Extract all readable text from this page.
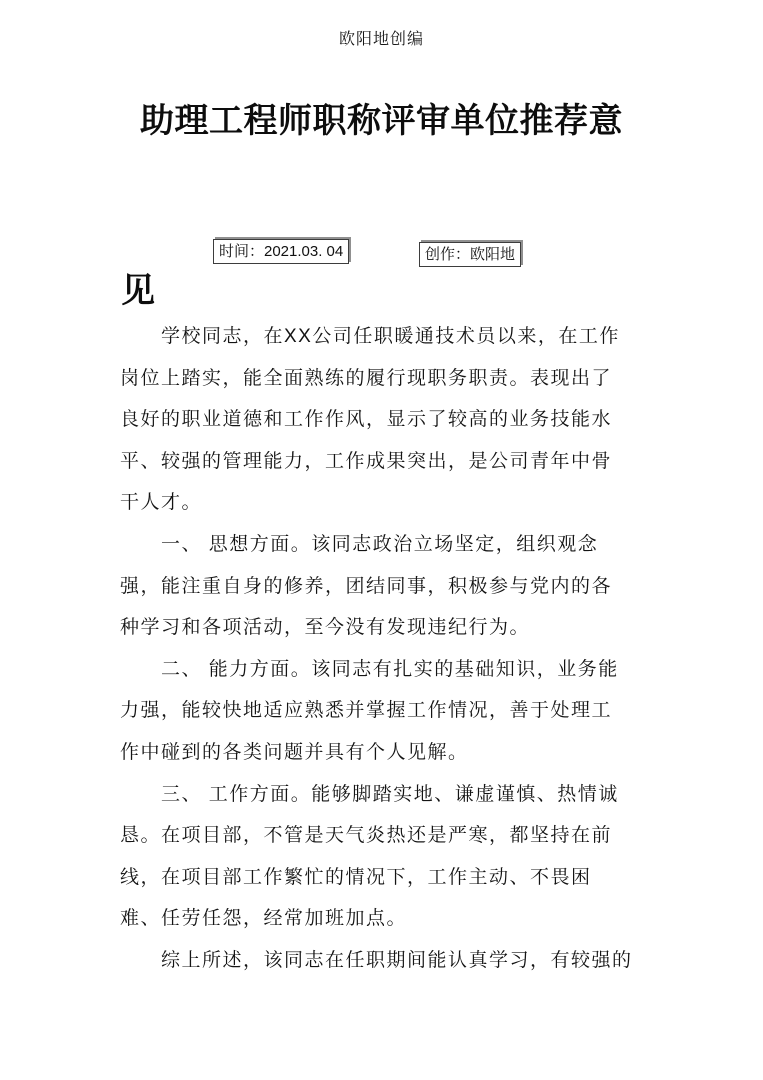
欧阳地创编
助理工程师职称评审单位推荐意
时间：2021.03. 04	创作：欧阳地
见
　　学校同志，在XX公司任职暖通技术员以来，在工作
岗位上踏实，能全面熟练的履行现职务职责。表现出了
良好的职业道德和工作作风，显示了较高的业务技能水
平、较强的管理能力，工作成果突出，是公司青年中骨
干人才。
　　一、 思想方面。该同志政治立场坚定，组织观念
强，能注重自身的修养，团结同事，积极参与党内的各
种学习和各项活动，至今没有发现违纪行为。
　　二、 能力方面。该同志有扎实的基础知识，业务能
力强，能较快地适应熟悉并掌握工作情况，善于处理工
作中碰到的各类问题并具有个人见解。
　　三、 工作方面。能够脚踏实地、谦虚谨慎、热情诚
恳。在项目部，不管是天气炎热还是严寒，都坚持在前
线，在项目部工作繁忙的情况下，工作主动、不畏困
难、任劳任怨，经常加班加点。
　　综上所述，该同志在任职期间能认真学习，有较强的
